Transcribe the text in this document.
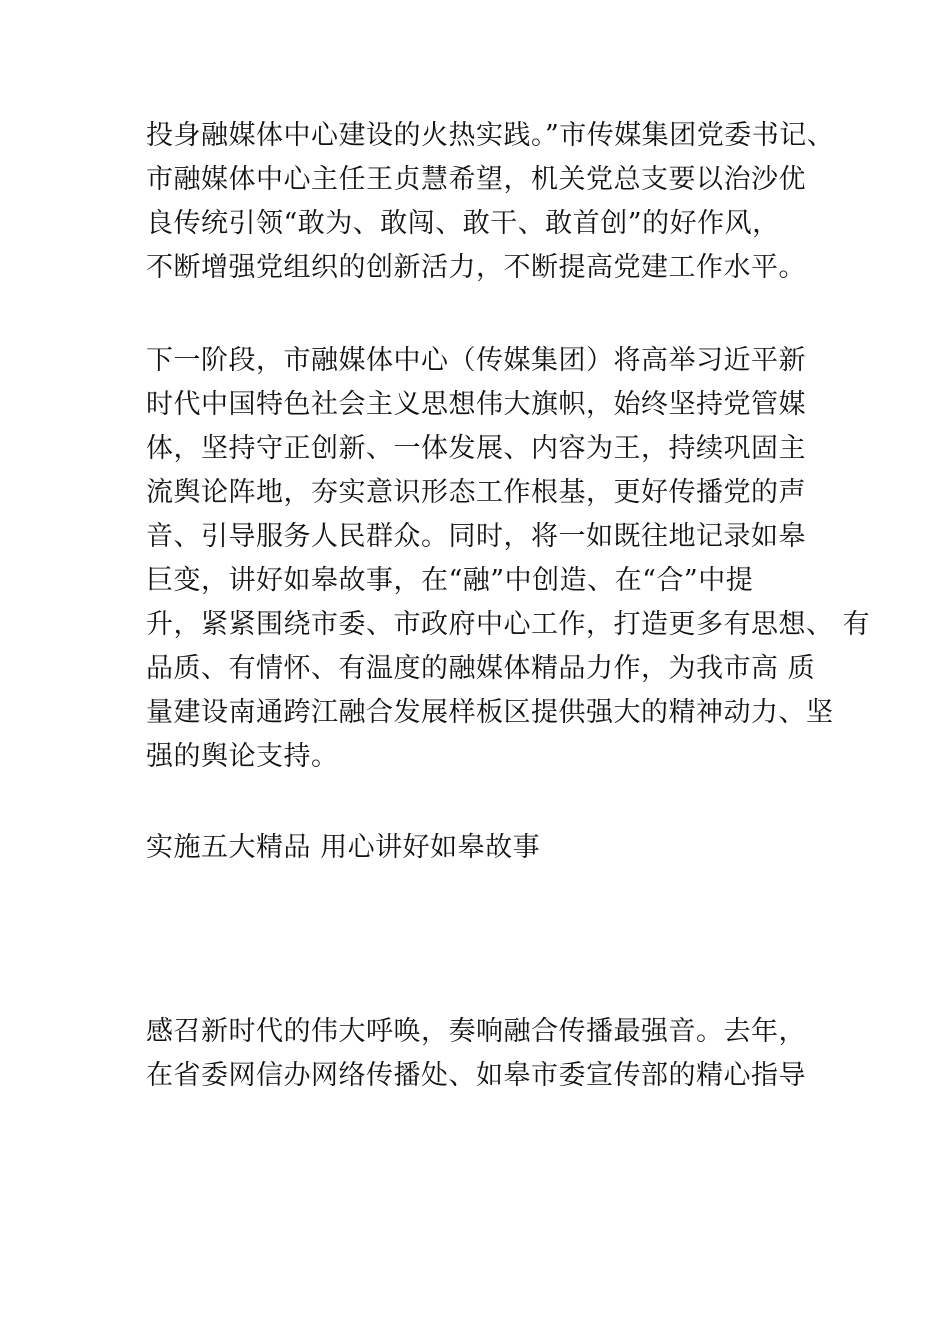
投身融媒体中心建设的火热实践。”市传媒集团党委书记、
市融媒体中心主任王贞慧希望，机关党总支要以治沙优
良传统引领“敢为、敢闯、敢干、敢首创”的好作风，
不断增强党组织的创新活力，不断提高党建工作水平。
下一阶段，市融媒体中心（传媒集团）将高举习近平新
时代中国特色社会主义思想伟大旗帜，始终坚持党管媒
体，坚持守正创新、一体发展、内容为王，持续巩固主
流舆论阵地，夯实意识形态工作根基，更好传播党的声
音、引导服务人民群众。同时，将一如既往地记录如皋
巨变，讲好如皋故事，在“融”中创造、在“合”中提
升，紧紧围绕市委、市政府中心工作，打造更多有思想、 有
品质、有情怀、有温度的融媒体精品力作，为我市高 质
量建设南通跨江融合发展样板区提供强大的精神动力、坚
强的舆论支持。
实施五大精品 用心讲好如皋故事
感召新时代的伟大呼唤，奏响融合传播最强音。去年，
在省委网信办网络传播处、如皋市委宣传部的精心指导
